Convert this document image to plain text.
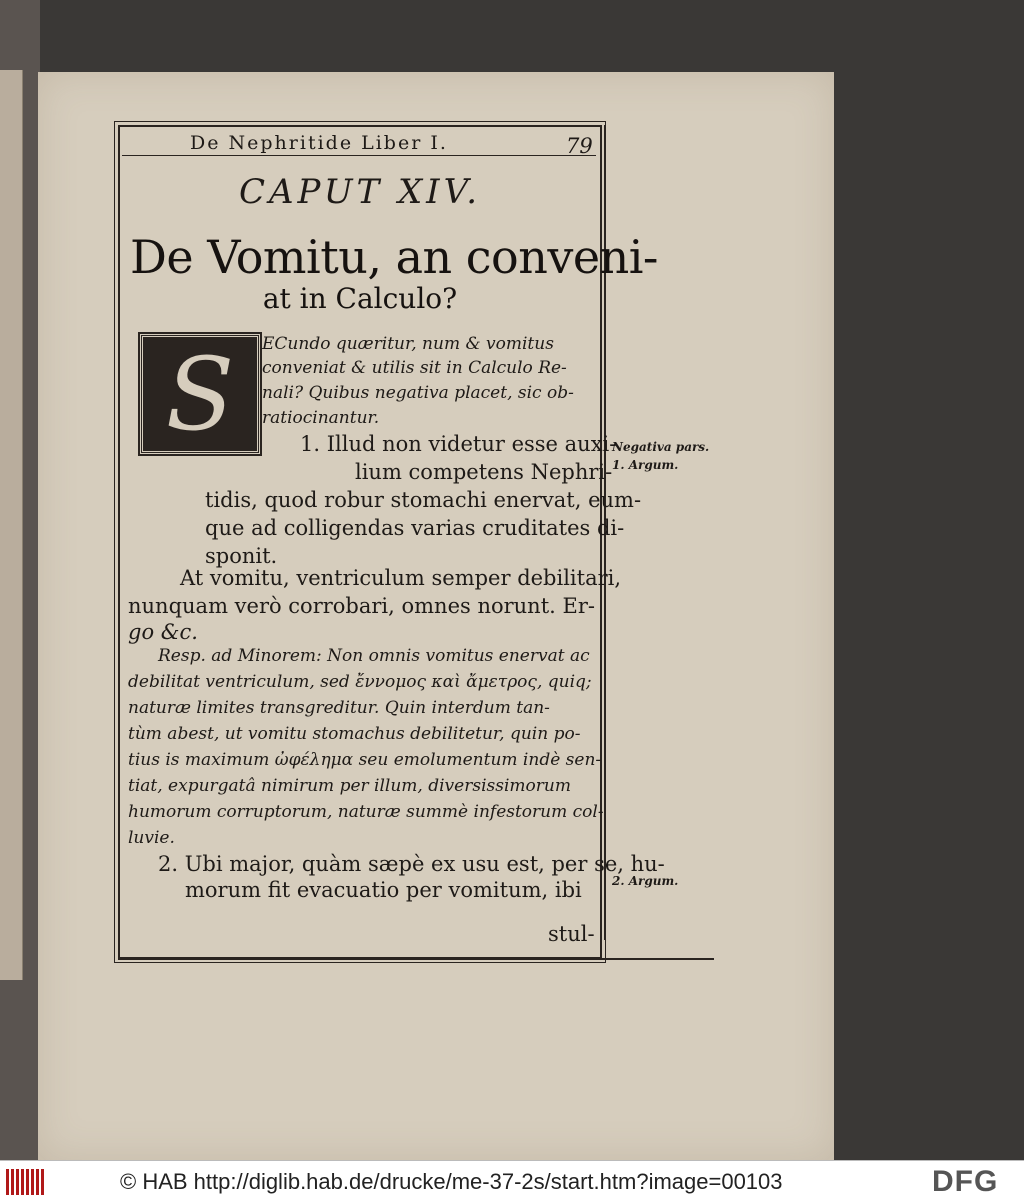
De Nephritide Liber I.	79
CAPUT XIV.
De Vomitu, an conveni-
at in Calculo?
S	ECundo quæritur, num & vomitus
conveniat & utilis sit in Calculo Re-
nali? Quibus negativa placet, sic ob-
ratiocinantur.
1. Illud non videtur esse auxi-
lium competens Nephri-
tidis, quod robur stomachi enervat, eum-
que ad colligendas varias cruditates di-
sponit.
At vomitu, ventriculum semper debilitari,
nunquam verò corrobari, omnes norunt. Er-
go &c.
Resp. ad Minorem: Non omnis vomitus enervat ac
debilitat ventriculum, sed ἔννομος καὶ ἄμετρος, quiq;
naturæ limites transgreditur. Quin interdum tan-
tùm abest, ut vomitu stomachus debilitetur, quin po-
tius is maximum ὠφέλημα seu emolumentum indè sen-
tiat, expurgatâ nimirum per illum, diversissimorum
humorum corruptorum, naturæ summè infestorum col-
luvie.
2. Ubi major, quàm sæpè ex usu est, per se, hu-
morum fit evacuatio per vomitum, ibi
stul-
Negativa pars.
1. Argum.
2. Argum.
© HAB http://diglib.hab.de/drucke/me-37-2s/start.htm?image=00103	DFG
